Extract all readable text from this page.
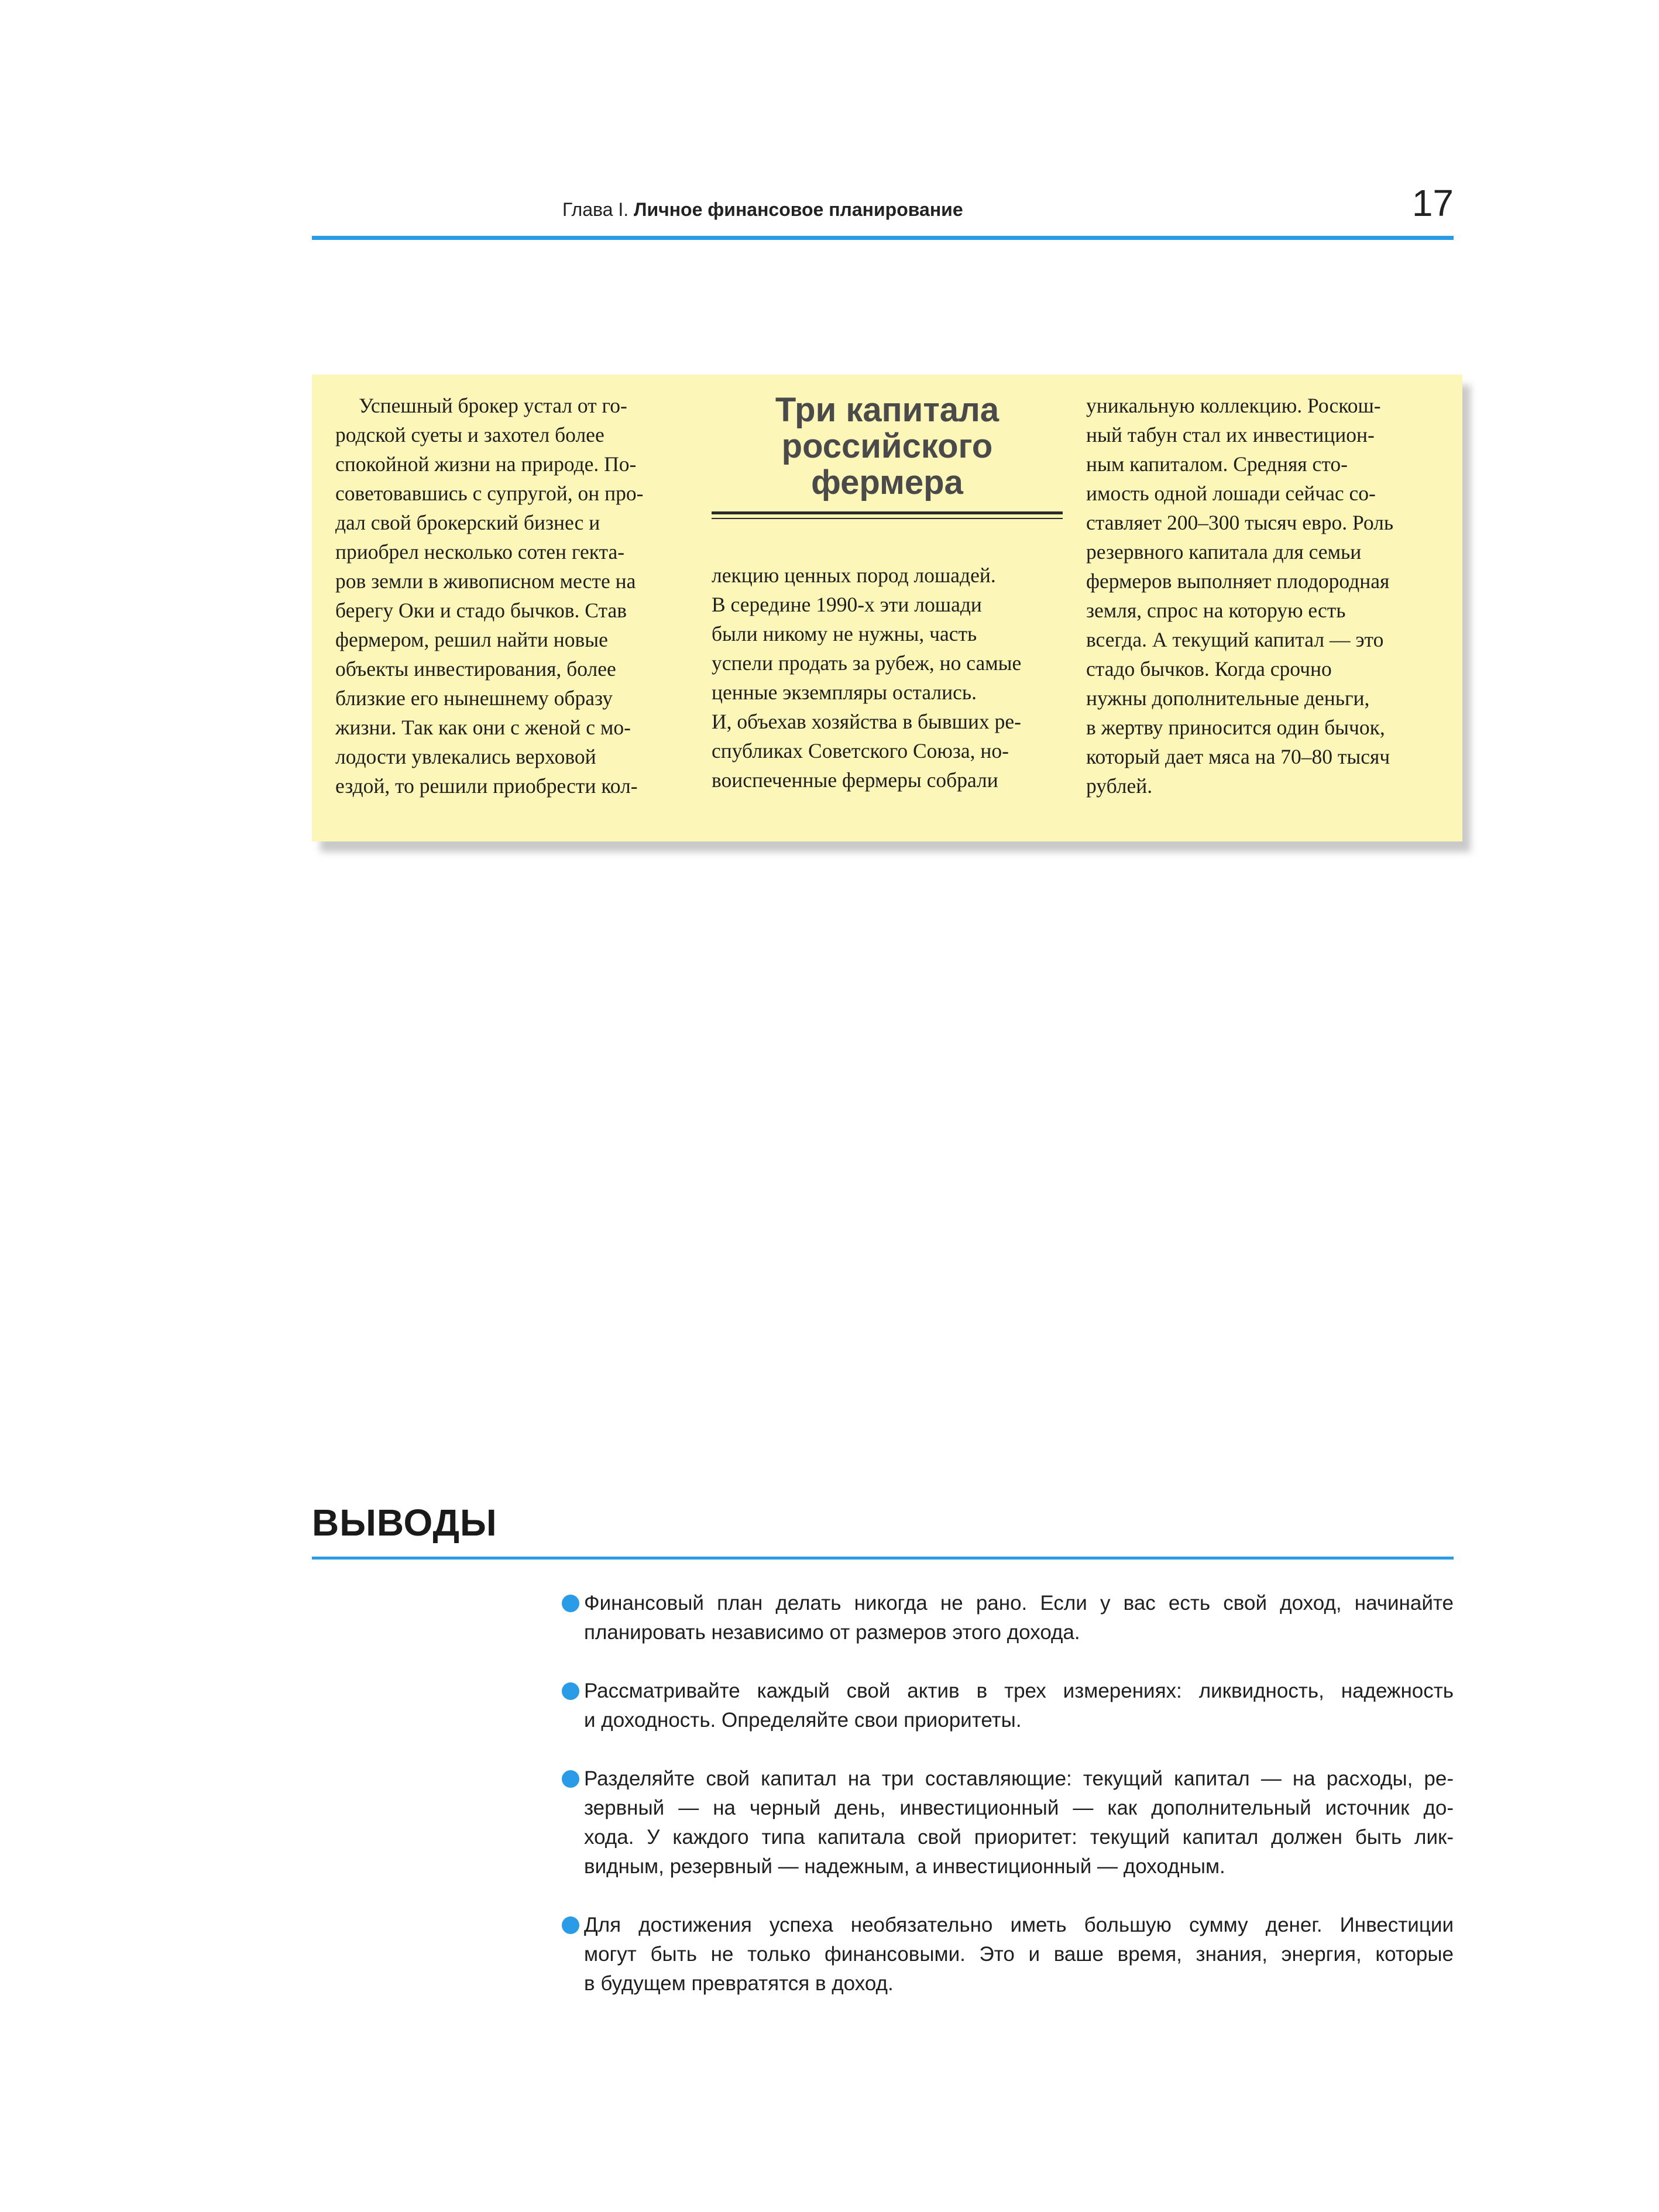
Глава I. Личное финансовое планирование	17

Успешный брокер устал от го-

родской суеты и захотел более

спокойной жизни на природе. По-

советовавшись с супругой, он про-

дал свой брокерский бизнес и

приобрел несколько сотен гекта-

ров земли в живописном месте на

берегу Оки и стадо бычков. Став

фермером, решил найти новые

объекты инвестирования, более

близкие его нынешнему образу

жизни. Так как они с женой с мо-

лодости увлекались верховой

ездой, то решили приобрести кол-

Три капитала
российского
фермера

лекцию ценных пород лошадей.

В середине 1990-х эти лошади

были никому не нужны, часть

успели продать за рубеж, но самые

ценные экземпляры остались.

И, объехав хозяйства в бывших ре-

спубликах Советского Союза, но-

воиспеченные фермеры собрали

уникальную коллекцию. Роскош-

ный табун стал их инвестицион-

ным капиталом. Средняя сто-

имость одной лошади сейчас со-

ставляет 200–300 тысяч евро. Роль

резервного капитала для семьи

фермеров выполняет плодородная

земля, спрос на которую есть

всегда. А текущий капитал — это

стадо бычков. Когда срочно

нужны дополнительные деньги,

в жертву приносится один бычок,

который дает мяса на 70–80 тысяч

рублей.

ВЫВОДЫ
Финансовый план делать никогда не рано. Если у вас есть свой доход, начинайте
планировать независимо от размеров этого дохода.
Рассматривайте каждый свой актив в трех измерениях: ликвидность, надежность
и доходность. Определяйте свои приоритеты.
Разделяйте свой капитал на три составляющие: текущий капитал — на расходы, ре-
зервный — на черный день, инвестиционный — как дополнительный источник до-
хода. У каждого типа капитала свой приоритет: текущий капитал должен быть лик-
видным, резервный — надежным, а инвестиционный — доходным.
Для достижения успеха необязательно иметь большую сумму денег. Инвестиции
могут быть не только финансовыми. Это и ваше время, знания, энергия, которые
в будущем превратятся в доход.
